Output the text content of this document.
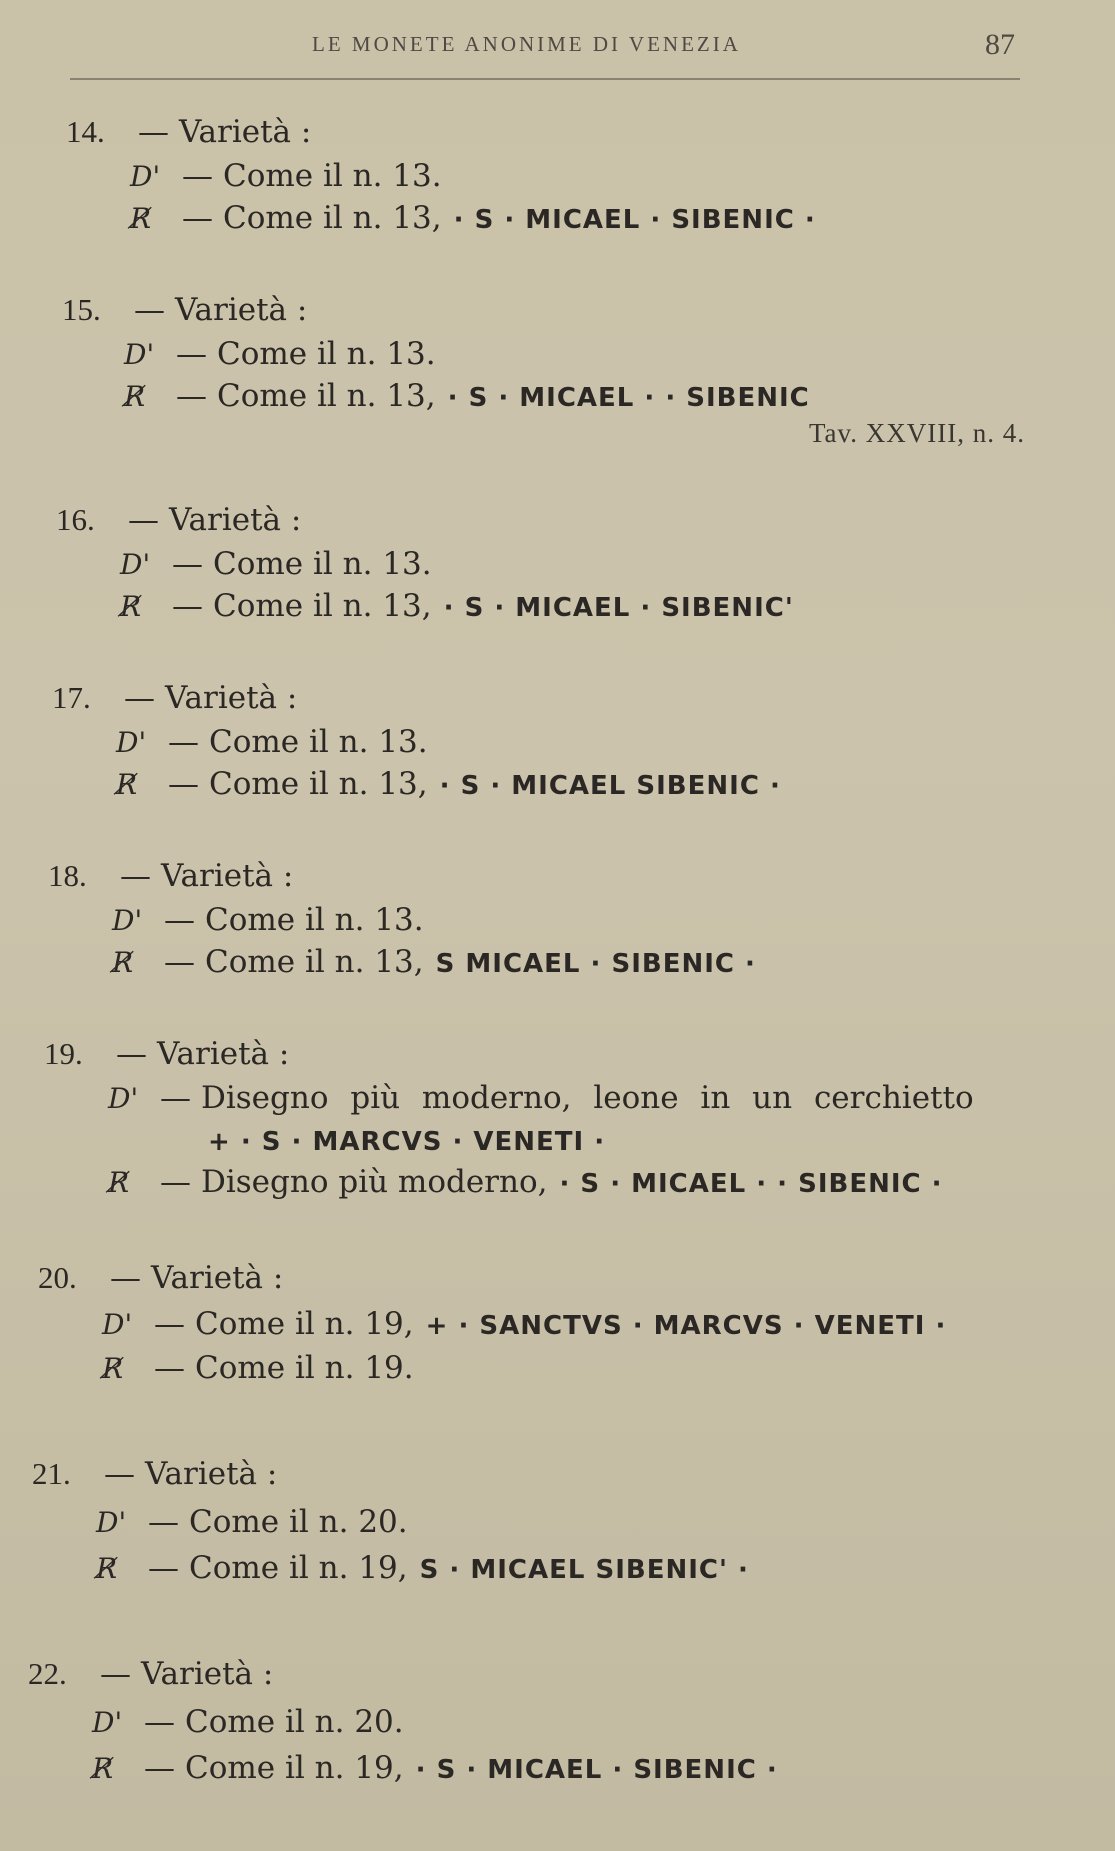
LE MONETE ANONIME DI VENEZIA	87
14. — Varietà :
D' — Come il n. 13.
R̸ — Come il n. 13, · S · MICAEL · SIBENIC ·
15. — Varietà :
D' — Come il n. 13.
R̸ — Come il n. 13, · S · MICAEL · · SIBENIC
Tav. XXVIII, n. 4.
16. — Varietà :
D' — Come il n. 13.
R̸ — Come il n. 13, · S · MICAEL · SIBENIC'
17. — Varietà :
D' — Come il n. 13.
R̸ — Come il n. 13, · S · MICAEL SIBENIC ·
18. — Varietà :
D' — Come il n. 13.
R̸ — Come il n. 13, S MICAEL · SIBENIC ·
19. — Varietà :
D' — Disegno più moderno, leone in un cerchietto
+ · S · MARCVS · VENETI ·
R̸ — Disegno più moderno, · S · MICAEL · · SIBENIC ·
20. — Varietà :
D' — Come il n. 19, + · SANCTVS · MARCVS · VENETI ·
R̸ — Come il n. 19.
21. — Varietà :
D' — Come il n. 20.
R̸ — Come il n. 19, S · MICAEL SIBENIC' ·
22. — Varietà :
D' — Come il n. 20.
R̸ — Come il n. 19, · S · MICAEL · SIBENIC ·
